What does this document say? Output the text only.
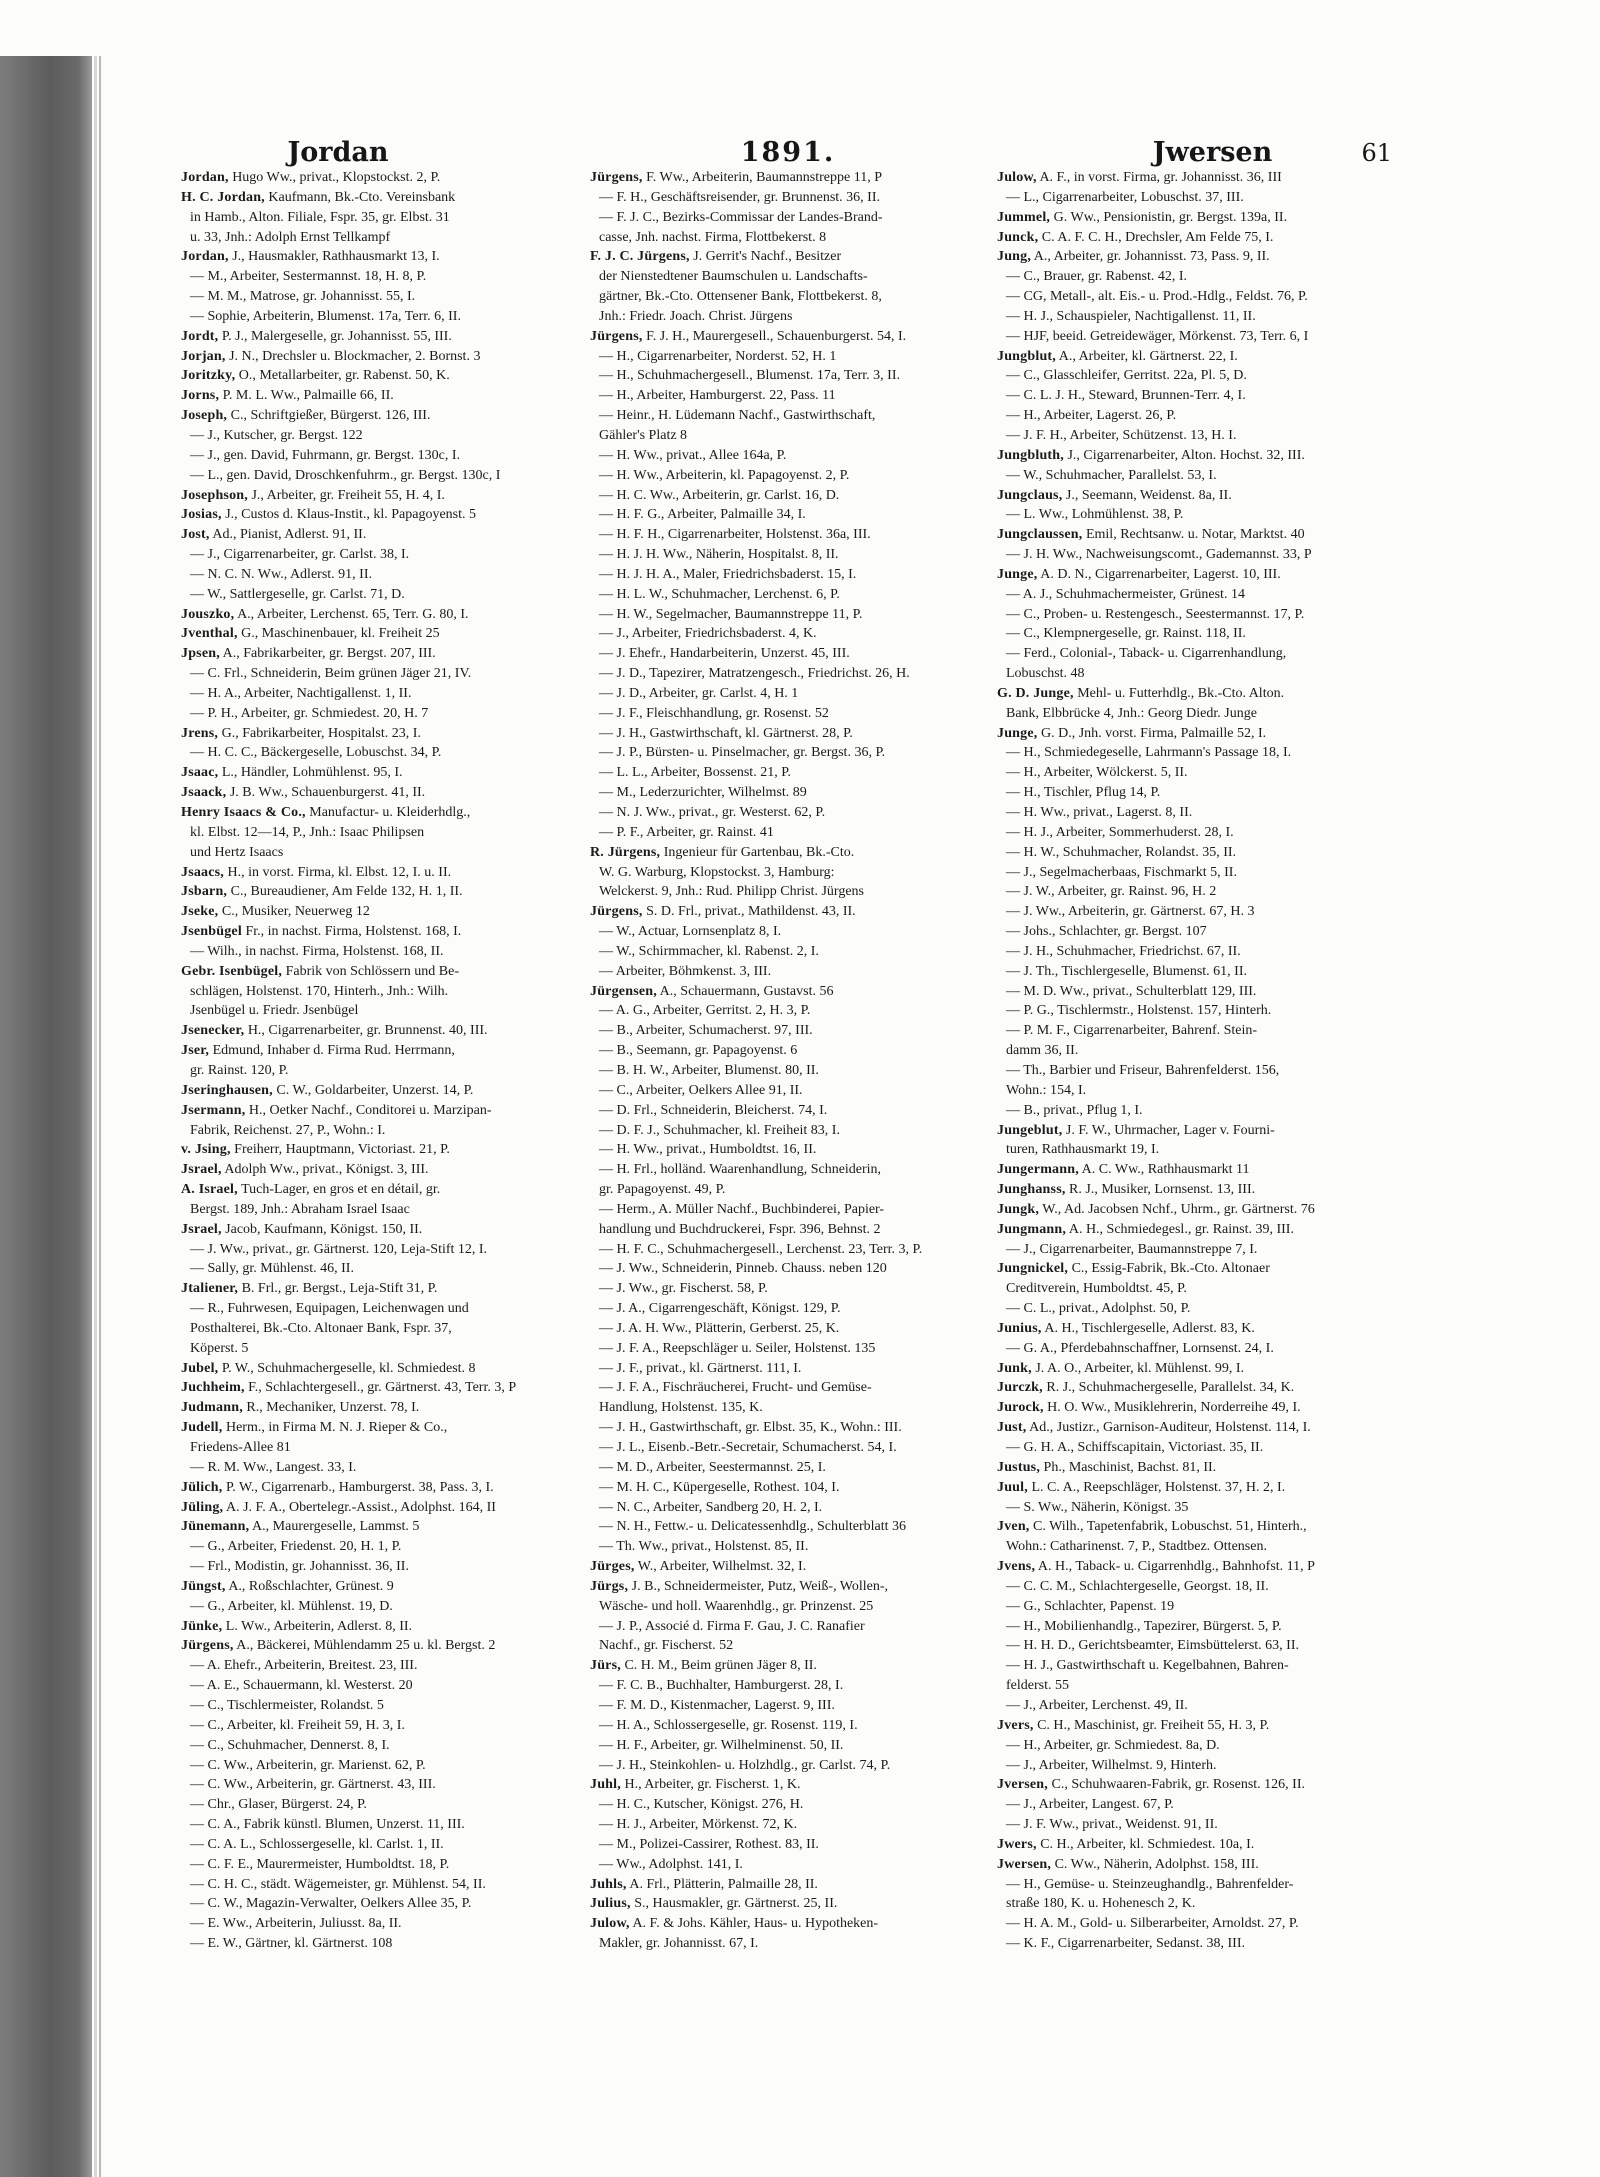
Jordan	1891.	Jwersen	61
Jordan, Hugo Ww., privat., Klopstockst. 2, P.
H. C. Jordan, Kaufmann, Bk.-Cto. Vereinsbank
in Hamb., Alton. Filiale, Fspr. 35, gr. Elbst. 31
u. 33, Jnh.: Adolph Ernst Tellkampf
Jordan, J., Hausmakler, Rathhausmarkt 13, I.
— M., Arbeiter, Sestermannst. 18, H. 8, P.
— M. M., Matrose, gr. Johannisst. 55, I.
— Sophie, Arbeiterin, Blumenst. 17a, Terr. 6, II.
Jordt, P. J., Malergeselle, gr. Johannisst. 55, III.
Jorjan, J. N., Drechsler u. Blockmacher, 2. Bornst. 3
Joritzky, O., Metallarbeiter, gr. Rabenst. 50, K.
Jorns, P. M. L. Ww., Palmaille 66, II.
Joseph, C., Schriftgießer, Bürgerst. 126, III.
— J., Kutscher, gr. Bergst. 122
— J., gen. David, Fuhrmann, gr. Bergst. 130c, I.
— L., gen. David, Droschkenfuhrm., gr. Bergst. 130c, I
Josephson, J., Arbeiter, gr. Freiheit 55, H. 4, I.
Josias, J., Custos d. Klaus-Instit., kl. Papagoyenst. 5
Jost, Ad., Pianist, Adlerst. 91, II.
— J., Cigarrenarbeiter, gr. Carlst. 38, I.
— N. C. N. Ww., Adlerst. 91, II.
— W., Sattlergeselle, gr. Carlst. 71, D.
Jouszko, A., Arbeiter, Lerchenst. 65, Terr. G. 80, I.
Jventhal, G., Maschinenbauer, kl. Freiheit 25
Jpsen, A., Fabrikarbeiter, gr. Bergst. 207, III.
— C. Frl., Schneiderin, Beim grünen Jäger 21, IV.
— H. A., Arbeiter, Nachtigallenst. 1, II.
— P. H., Arbeiter, gr. Schmiedest. 20, H. 7
Jrens, G., Fabrikarbeiter, Hospitalst. 23, I.
— H. C. C., Bäckergeselle, Lobuschst. 34, P.
Jsaac, L., Händler, Lohmühlenst. 95, I.
Jsaack, J. B. Ww., Schauenburgerst. 41, II.
Henry Isaacs & Co., Manufactur- u. Kleiderhdlg.,
kl. Elbst. 12—14, P., Jnh.: Isaac Philipsen
und Hertz Isaacs
Jsaacs, H., in vorst. Firma, kl. Elbst. 12, I. u. II.
Jsbarn, C., Bureaudiener, Am Felde 132, H. 1, II.
Jseke, C., Musiker, Neuerweg 12
Jsenbügel Fr., in nachst. Firma, Holstenst. 168, I.
— Wilh., in nachst. Firma, Holstenst. 168, II.
Gebr. Isenbügel, Fabrik von Schlössern und Be-
schlägen, Holstenst. 170, Hinterh., Jnh.: Wilh.
Jsenbügel u. Friedr. Jsenbügel
Jsenecker, H., Cigarrenarbeiter, gr. Brunnenst. 40, III.
Jser, Edmund, Inhaber d. Firma Rud. Herrmann,
gr. Rainst. 120, P.
Jseringhausen, C. W., Goldarbeiter, Unzerst. 14, P.
Jsermann, H., Oetker Nachf., Conditorei u. Marzipan-
Fabrik, Reichenst. 27, P., Wohn.: I.
v. Jsing, Freiherr, Hauptmann, Victoriast. 21, P.
Jsrael, Adolph Ww., privat., Königst. 3, III.
A. Israel, Tuch-Lager, en gros et en détail, gr.
Bergst. 189, Jnh.: Abraham Israel Isaac
Jsrael, Jacob, Kaufmann, Königst. 150, II.
— J. Ww., privat., gr. Gärtnerst. 120, Leja-Stift 12, I.
— Sally, gr. Mühlenst. 46, II.
Jtaliener, B. Frl., gr. Bergst., Leja-Stift 31, P.
— R., Fuhrwesen, Equipagen, Leichenwagen und
Posthalterei, Bk.-Cto. Altonaer Bank, Fspr. 37,
Köperst. 5
Jubel, P. W., Schuhmachergeselle, kl. Schmiedest. 8
Juchheim, F., Schlachtergesell., gr. Gärtnerst. 43, Terr. 3, P
Judmann, R., Mechaniker, Unzerst. 78, I.
Judell, Herm., in Firma M. N. J. Rieper & Co.,
Friedens-Allee 81
— R. M. Ww., Langest. 33, I.
Jülich, P. W., Cigarrenarb., Hamburgerst. 38, Pass. 3, I.
Jüling, A. J. F. A., Obertelegr.-Assist., Adolphst. 164, II
Jünemann, A., Maurergeselle, Lammst. 5
— G., Arbeiter, Friedenst. 20, H. 1, P.
— Frl., Modistin, gr. Johannisst. 36, II.
Jüngst, A., Roßschlachter, Grünest. 9
— G., Arbeiter, kl. Mühlenst. 19, D.
Jünke, L. Ww., Arbeiterin, Adlerst. 8, II.
Jürgens, A., Bäckerei, Mühlendamm 25 u. kl. Bergst. 2
— A. Ehefr., Arbeiterin, Breitest. 23, III.
— A. E., Schauermann, kl. Westerst. 20
— C., Tischlermeister, Rolandst. 5
— C., Arbeiter, kl. Freiheit 59, H. 3, I.
— C., Schuhmacher, Dennerst. 8, I.
— C. Ww., Arbeiterin, gr. Marienst. 62, P.
— C. Ww., Arbeiterin, gr. Gärtnerst. 43, III.
— Chr., Glaser, Bürgerst. 24, P.
— C. A., Fabrik künstl. Blumen, Unzerst. 11, III.
— C. A. L., Schlossergeselle, kl. Carlst. 1, II.
— C. F. E., Maurermeister, Humboldtst. 18, P.
— C. H. C., städt. Wägemeister, gr. Mühlenst. 54, II.
— C. W., Magazin-Verwalter, Oelkers Allee 35, P.
— E. Ww., Arbeiterin, Juliusst. 8a, II.
— E. W., Gärtner, kl. Gärtnerst. 108
Jürgens, F. Ww., Arbeiterin, Baumannstreppe 11, P
— F. H., Geschäftsreisender, gr. Brunnenst. 36, II.
— F. J. C., Bezirks-Commissar der Landes-Brand-
casse, Jnh. nachst. Firma, Flottbekerst. 8
F. J. C. Jürgens, J. Gerrit's Nachf., Besitzer
der Nienstedtener Baumschulen u. Landschafts-
gärtner, Bk.-Cto. Ottensener Bank, Flottbekerst. 8,
Jnh.: Friedr. Joach. Christ. Jürgens
Jürgens, F. J. H., Maurergesell., Schauenburgerst. 54, I.
— H., Cigarrenarbeiter, Norderst. 52, H. 1
— H., Schuhmachergesell., Blumenst. 17a, Terr. 3, II.
— H., Arbeiter, Hamburgerst. 22, Pass. 11
— Heinr., H. Lüdemann Nachf., Gastwirthschaft,
Gähler's Platz 8
— H. Ww., privat., Allee 164a, P.
— H. Ww., Arbeiterin, kl. Papagoyenst. 2, P.
— H. C. Ww., Arbeiterin, gr. Carlst. 16, D.
— H. F. G., Arbeiter, Palmaille 34, I.
— H. F. H., Cigarrenarbeiter, Holstenst. 36a, III.
— H. J. H. Ww., Näherin, Hospitalst. 8, II.
— H. J. H. A., Maler, Friedrichsbaderst. 15, I.
— H. L. W., Schuhmacher, Lerchenst. 6, P.
— H. W., Segelmacher, Baumannstreppe 11, P.
— J., Arbeiter, Friedrichsbaderst. 4, K.
— J. Ehefr., Handarbeiterin, Unzerst. 45, III.
— J. D., Tapezirer, Matratzengesch., Friedrichst. 26, H.
— J. D., Arbeiter, gr. Carlst. 4, H. 1
— J. F., Fleischhandlung, gr. Rosenst. 52
— J. H., Gastwirthschaft, kl. Gärtnerst. 28, P.
— J. P., Bürsten- u. Pinselmacher, gr. Bergst. 36, P.
— L. L., Arbeiter, Bossenst. 21, P.
— M., Lederzurichter, Wilhelmst. 89
— N. J. Ww., privat., gr. Westerst. 62, P.
— P. F., Arbeiter, gr. Rainst. 41
R. Jürgens, Ingenieur für Gartenbau, Bk.-Cto.
W. G. Warburg, Klopstockst. 3, Hamburg:
Welckerst. 9, Jnh.: Rud. Philipp Christ. Jürgens
Jürgens, S. D. Frl., privat., Mathildenst. 43, II.
— W., Actuar, Lornsenplatz 8, I.
— W., Schirmmacher, kl. Rabenst. 2, I.
— Arbeiter, Böhmkenst. 3, III.
Jürgensen, A., Schauermann, Gustavst. 56
— A. G., Arbeiter, Gerritst. 2, H. 3, P.
— B., Arbeiter, Schumacherst. 97, III.
— B., Seemann, gr. Papagoyenst. 6
— B. H. W., Arbeiter, Blumenst. 80, II.
— C., Arbeiter, Oelkers Allee 91, II.
— D. Frl., Schneiderin, Bleicherst. 74, I.
— D. F. J., Schuhmacher, kl. Freiheit 83, I.
— H. Ww., privat., Humboldtst. 16, II.
— H. Frl., holländ. Waarenhandlung, Schneiderin,
gr. Papagoyenst. 49, P.
— Herm., A. Müller Nachf., Buchbinderei, Papier-
handlung und Buchdruckerei, Fspr. 396, Behnst. 2
— H. F. C., Schuhmachergesell., Lerchenst. 23, Terr. 3, P.
— J. Ww., Schneiderin, Pinneb. Chauss. neben 120
— J. Ww., gr. Fischerst. 58, P.
— J. A., Cigarrengeschäft, Königst. 129, P.
— J. A. H. Ww., Plätterin, Gerberst. 25, K.
— J. F. A., Reepschläger u. Seiler, Holstenst. 135
— J. F., privat., kl. Gärtnerst. 111, I.
— J. F. A., Fischräucherei, Frucht- und Gemüse-
Handlung, Holstenst. 135, K.
— J. H., Gastwirthschaft, gr. Elbst. 35, K., Wohn.: III.
— J. L., Eisenb.-Betr.-Secretair, Schumacherst. 54, I.
— M. D., Arbeiter, Seestermannst. 25, I.
— M. H. C., Küpergeselle, Rothest. 104, I.
— N. C., Arbeiter, Sandberg 20, H. 2, I.
— N. H., Fettw.- u. Delicatessenhdlg., Schulterblatt 36
— Th. Ww., privat., Holstenst. 85, II.
Jürges, W., Arbeiter, Wilhelmst. 32, I.
Jürgs, J. B., Schneidermeister, Putz, Weiß-, Wollen-,
Wäsche- und holl. Waarenhdlg., gr. Prinzenst. 25
— J. P., Associé d. Firma F. Gau, J. C. Ranafier
Nachf., gr. Fischerst. 52
Jürs, C. H. M., Beim grünen Jäger 8, II.
— F. C. B., Buchhalter, Hamburgerst. 28, I.
— F. M. D., Kistenmacher, Lagerst. 9, III.
— H. A., Schlossergeselle, gr. Rosenst. 119, I.
— H. F., Arbeiter, gr. Wilhelminenst. 50, II.
— J. H., Steinkohlen- u. Holzhdlg., gr. Carlst. 74, P.
Juhl, H., Arbeiter, gr. Fischerst. 1, K.
— H. C., Kutscher, Königst. 276, H.
— H. J., Arbeiter, Mörkenst. 72, K.
— M., Polizei-Cassirer, Rothest. 83, II.
— Ww., Adolphst. 141, I.
Juhls, A. Frl., Plätterin, Palmaille 28, II.
Julius, S., Hausmakler, gr. Gärtnerst. 25, II.
Julow, A. F. & Johs. Kähler, Haus- u. Hypotheken-
Makler, gr. Johannisst. 67, I.
Julow, A. F., in vorst. Firma, gr. Johannisst. 36, III
— L., Cigarrenarbeiter, Lobuschst. 37, III.
Jummel, G. Ww., Pensionistin, gr. Bergst. 139a, II.
Junck, C. A. F. C. H., Drechsler, Am Felde 75, I.
Jung, A., Arbeiter, gr. Johannisst. 73, Pass. 9, II.
— C., Brauer, gr. Rabenst. 42, I.
— CG, Metall-, alt. Eis.- u. Prod.-Hdlg., Feldst. 76, P.
— H. J., Schauspieler, Nachtigallenst. 11, II.
— HJF, beeid. Getreidewäger, Mörkenst. 73, Terr. 6, I
Jungblut, A., Arbeiter, kl. Gärtnerst. 22, I.
— C., Glasschleifer, Gerritst. 22a, Pl. 5, D.
— C. L. J. H., Steward, Brunnen-Terr. 4, I.
— H., Arbeiter, Lagerst. 26, P.
— J. F. H., Arbeiter, Schützenst. 13, H. I.
Jungbluth, J., Cigarrenarbeiter, Alton. Hochst. 32, III.
— W., Schuhmacher, Parallelst. 53, I.
Jungclaus, J., Seemann, Weidenst. 8a, II.
— L. Ww., Lohmühlenst. 38, P.
Jungclaussen, Emil, Rechtsanw. u. Notar, Marktst. 40
— J. H. Ww., Nachweisungscomt., Gademannst. 33, P
Junge, A. D. N., Cigarrenarbeiter, Lagerst. 10, III.
— A. J., Schuhmachermeister, Grünest. 14
— C., Proben- u. Restengesch., Seestermannst. 17, P.
— C., Klempnergeselle, gr. Rainst. 118, II.
— Ferd., Colonial-, Taback- u. Cigarrenhandlung,
Lobuschst. 48
G. D. Junge, Mehl- u. Futterhdlg., Bk.-Cto. Alton.
Bank, Elbbrücke 4, Jnh.: Georg Diedr. Junge
Junge, G. D., Jnh. vorst. Firma, Palmaille 52, I.
— H., Schmiedegeselle, Lahrmann's Passage 18, I.
— H., Arbeiter, Wölckerst. 5, II.
— H., Tischler, Pflug 14, P.
— H. Ww., privat., Lagerst. 8, II.
— H. J., Arbeiter, Sommerhuderst. 28, I.
— H. W., Schuhmacher, Rolandst. 35, II.
— J., Segelmacherbaas, Fischmarkt 5, II.
— J. W., Arbeiter, gr. Rainst. 96, H. 2
— J. Ww., Arbeiterin, gr. Gärtnerst. 67, H. 3
— Johs., Schlachter, gr. Bergst. 107
— J. H., Schuhmacher, Friedrichst. 67, II.
— J. Th., Tischlergeselle, Blumenst. 61, II.
— M. D. Ww., privat., Schulterblatt 129, III.
— P. G., Tischlermstr., Holstenst. 157, Hinterh.
— P. M. F., Cigarrenarbeiter, Bahrenf. Stein-
damm 36, II.
— Th., Barbier und Friseur, Bahrenfelderst. 156,
Wohn.: 154, I.
— B., privat., Pflug 1, I.
Jungeblut, J. F. W., Uhrmacher, Lager v. Fourni-
turen, Rathhausmarkt 19, I.
Jungermann, A. C. Ww., Rathhausmarkt 11
Junghanss, R. J., Musiker, Lornsenst. 13, III.
Jungk, W., Ad. Jacobsen Nchf., Uhrm., gr. Gärtnerst. 76
Jungmann, A. H., Schmiedegesl., gr. Rainst. 39, III.
— J., Cigarrenarbeiter, Baumannstreppe 7, I.
Jungnickel, C., Essig-Fabrik, Bk.-Cto. Altonaer
Creditverein, Humboldtst. 45, P.
— C. L., privat., Adolphst. 50, P.
Junius, A. H., Tischlergeselle, Adlerst. 83, K.
— G. A., Pferdebahnschaffner, Lornsenst. 24, I.
Junk, J. A. O., Arbeiter, kl. Mühlenst. 99, I.
Jurczk, R. J., Schuhmachergeselle, Parallelst. 34, K.
Jurock, H. O. Ww., Musiklehrerin, Norderreihe 49, I.
Just, Ad., Justizr., Garnison-Auditeur, Holstenst. 114, I.
— G. H. A., Schiffscapitain, Victoriast. 35, II.
Justus, Ph., Maschinist, Bachst. 81, II.
Juul, L. C. A., Reepschläger, Holstenst. 37, H. 2, I.
— S. Ww., Näherin, Königst. 35
Jven, C. Wilh., Tapetenfabrik, Lobuschst. 51, Hinterh.,
Wohn.: Catharinenst. 7, P., Stadtbez. Ottensen.
Jvens, A. H., Taback- u. Cigarrenhdlg., Bahnhofst. 11, P
— C. C. M., Schlachtergeselle, Georgst. 18, II.
— G., Schlachter, Papenst. 19
— H., Mobilienhandlg., Tapezirer, Bürgerst. 5, P.
— H. H. D., Gerichtsbeamter, Eimsbüttelerst. 63, II.
— H. J., Gastwirthschaft u. Kegelbahnen, Bahren-
felderst. 55
— J., Arbeiter, Lerchenst. 49, II.
Jvers, C. H., Maschinist, gr. Freiheit 55, H. 3, P.
— H., Arbeiter, gr. Schmiedest. 8a, D.
— J., Arbeiter, Wilhelmst. 9, Hinterh.
Jversen, C., Schuhwaaren-Fabrik, gr. Rosenst. 126, II.
— J., Arbeiter, Langest. 67, P.
— J. F. Ww., privat., Weidenst. 91, II.
Jwers, C. H., Arbeiter, kl. Schmiedest. 10a, I.
Jwersen, C. Ww., Näherin, Adolphst. 158, III.
— H., Gemüse- u. Steinzeughandlg., Bahrenfelder-
straße 180, K. u. Hohenesch 2, K.
— H. A. M., Gold- u. Silberarbeiter, Arnoldst. 27, P.
— K. F., Cigarrenarbeiter, Sedanst. 38, III.
